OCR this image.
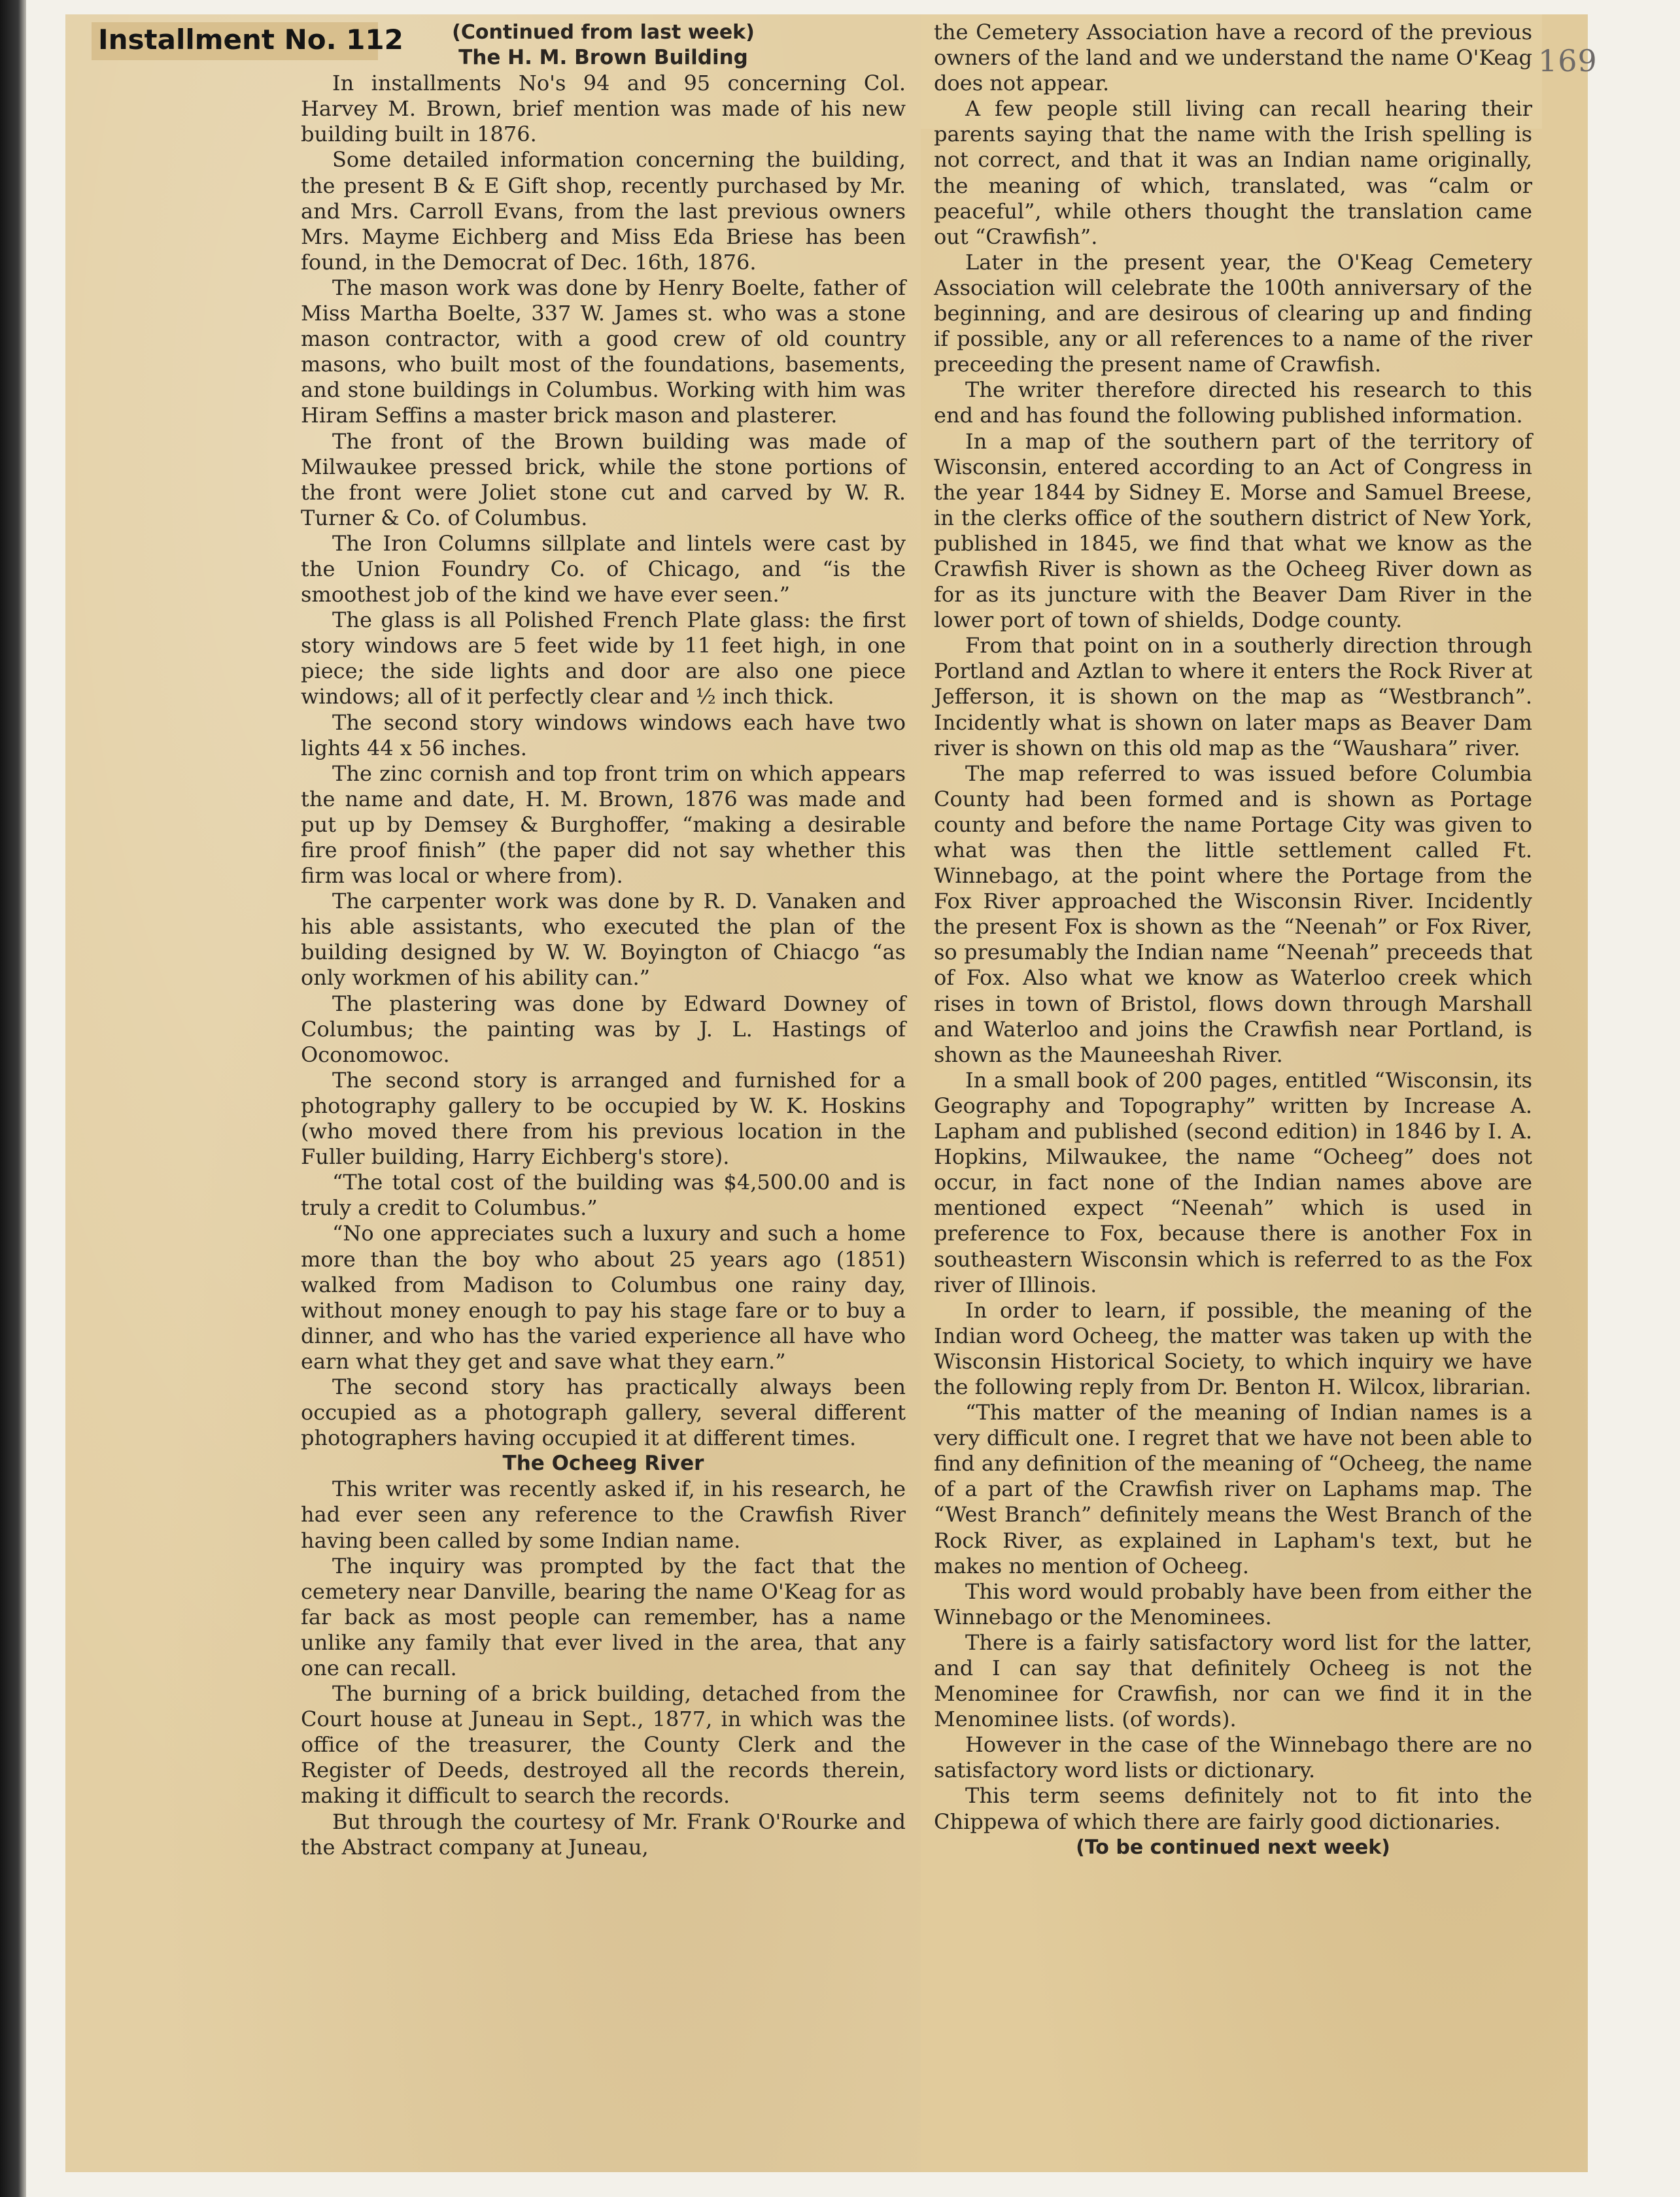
Installment No. 112
169
(Continued from last week)
The H. M. Brown Building

In installments No's 94 and 95 concerning Col. Harvey M. Brown, brief mention was made of his new building built in 1876.

Some detailed information concerning the building, the present B & E Gift shop, recently purchased by Mr. and Mrs. Carroll Evans, from the last previous owners Mrs. Mayme Eichberg and Miss Eda Briese has been found, in the Democrat of Dec. 16th, 1876.

The mason work was done by Henry Boelte, father of Miss Martha Boelte, 337 W. James st. who was a stone mason contractor, with a good crew of old country masons, who built most of the foundations, basements, and stone buildings in Columbus. Working with him was Hiram Seffins a master brick mason and plasterer.

The front of the Brown building was made of Milwaukee pressed brick, while the stone portions of the front were Joliet stone cut and carved by W. R. Turner & Co. of Columbus.

The Iron Columns sillplate and lintels were cast by the Union Foundry Co. of Chicago, and “is the smoothest job of the kind we have ever seen.”

The glass is all Polished French Plate glass: the first story windows are 5 feet wide by 11 feet high, in one piece; the side lights and door are also one piece windows; all of it perfectly clear and ½ inch thick.

The second story windows windows each have two lights 44 x 56 inches.

The zinc cornish and top front trim on which appears the name and date, H. M. Brown, 1876 was made and put up by Demsey & Burghoffer, “making a desirable fire proof finish” (the paper did not say whether this firm was local or where from).

The carpenter work was done by R. D. Vanaken and his able assistants, who executed the plan of the building designed by W. W. Boyington of Chiacgo “as only workmen of his ability can.”

The plastering was done by Edward Downey of Columbus; the painting was by J. L. Hastings of Oconomowoc.

The second story is arranged and furnished for a photography gallery to be occupied by W. K. Hoskins (who moved there from his previous location in the Fuller building, Harry Eichberg's store).

“The total cost of the building was $4,500.00 and is truly a credit to Columbus.”

“No one appreciates such a luxury and such a home more than the boy who about 25 years ago (1851) walked from Madison to Columbus one rainy day, without money enough to pay his stage fare or to buy a dinner, and who has the varied experience all have who earn what they get and save what they earn.”

The second story has practically always been occupied as a photograph gallery, several different photographers having occupied it at different times.

The Ocheeg River

This writer was recently asked if, in his research, he had ever seen any reference to the Crawfish River having been called by some Indian name.

The inquiry was prompted by the fact that the cemetery near Danville, bearing the name O'Keag for as far back as most people can remember, has a name unlike any family that ever lived in the area, that any one can recall.

The burning of a brick building, detached from the Court house at Juneau in Sept., 1877, in which was the office of the treasurer, the County Clerk and the Register of Deeds, destroyed all the records therein, making it difficult to search the records.

But through the courtesy of Mr. Frank O'Rourke and the Abstract company at Juneau,

the Cemetery Association have a record of the previous owners of the land and we understand the name O'Keag does not appear.

A few people still living can recall hearing their parents saying that the name with the Irish spelling is not correct, and that it was an Indian name originally, the meaning of which, translated, was “calm or peaceful”, while others thought the translation came out “Crawfish”.

Later in the present year, the O'Keag Cemetery Association will celebrate the 100th anniversary of the beginning, and are desirous of clearing up and finding if possible, any or all references to a name of the river preceeding the present name of Crawfish.

The writer therefore directed his research to this end and has found the following published information.

In a map of the southern part of the territory of Wisconsin, entered according to an Act of Congress in the year 1844 by Sidney E. Morse and Samuel Breese, in the clerks office of the southern district of New York, published in 1845, we find that what we know as the Crawfish River is shown as the Ocheeg River down as for as its juncture with the Beaver Dam River in the lower port of town of shields, Dodge county.

From that point on in a southerly direction through Portland and Aztlan to where it enters the Rock River at Jefferson, it is shown on the map as “Westbranch”. Incidently what is shown on later maps as Beaver Dam river is shown on this old map as the “Waushara” river.

The map referred to was issued before Columbia County had been formed and is shown as Portage county and before the name Portage City was given to what was then the little settlement called Ft. Winnebago, at the point where the Portage from the Fox River approached the Wisconsin River. Incidently the present Fox is shown as the “Neenah” or Fox River, so presumably the Indian name “Neenah” preceeds that of Fox. Also what we know as Waterloo creek which rises in town of Bristol, flows down through Marshall and Waterloo and joins the Crawfish near Portland, is shown as the Mauneeshah River.

In a small book of 200 pages, entitled “Wisconsin, its Geography and Topography” written by Increase A. Lapham and published (second edition) in 1846 by I. A. Hopkins, Milwaukee, the name “Ocheeg” does not occur, in fact none of the Indian names above are mentioned expect “Neenah” which is used in preference to Fox, because there is another Fox in southeastern Wisconsin which is referred to as the Fox river of Illinois.

In order to learn, if possible, the meaning of the Indian word Ocheeg, the matter was taken up with the Wisconsin Historical Society, to which inquiry we have the following reply from Dr. Benton H. Wilcox, librarian.

“This matter of the meaning of Indian names is a very difficult one. I regret that we have not been able to find any definition of the meaning of “Ocheeg, the name of a part of the Crawfish river on Laphams map. The “West Branch” definitely means the West Branch of the Rock River, as explained in Lapham's text, but he makes no mention of Ocheeg.

This word would probably have been from either the Winnebago or the Menominees.

There is a fairly satisfactory word list for the latter, and I can say that definitely Ocheeg is not the Menominee for Crawfish, nor can we find it in the Menominee lists. (of words).

However in the case of the Winnebago there are no satisfactory word lists or dictionary.

This term seems definitely not to fit into the Chippewa of which there are fairly good dictionaries.

(To be continued next week)
